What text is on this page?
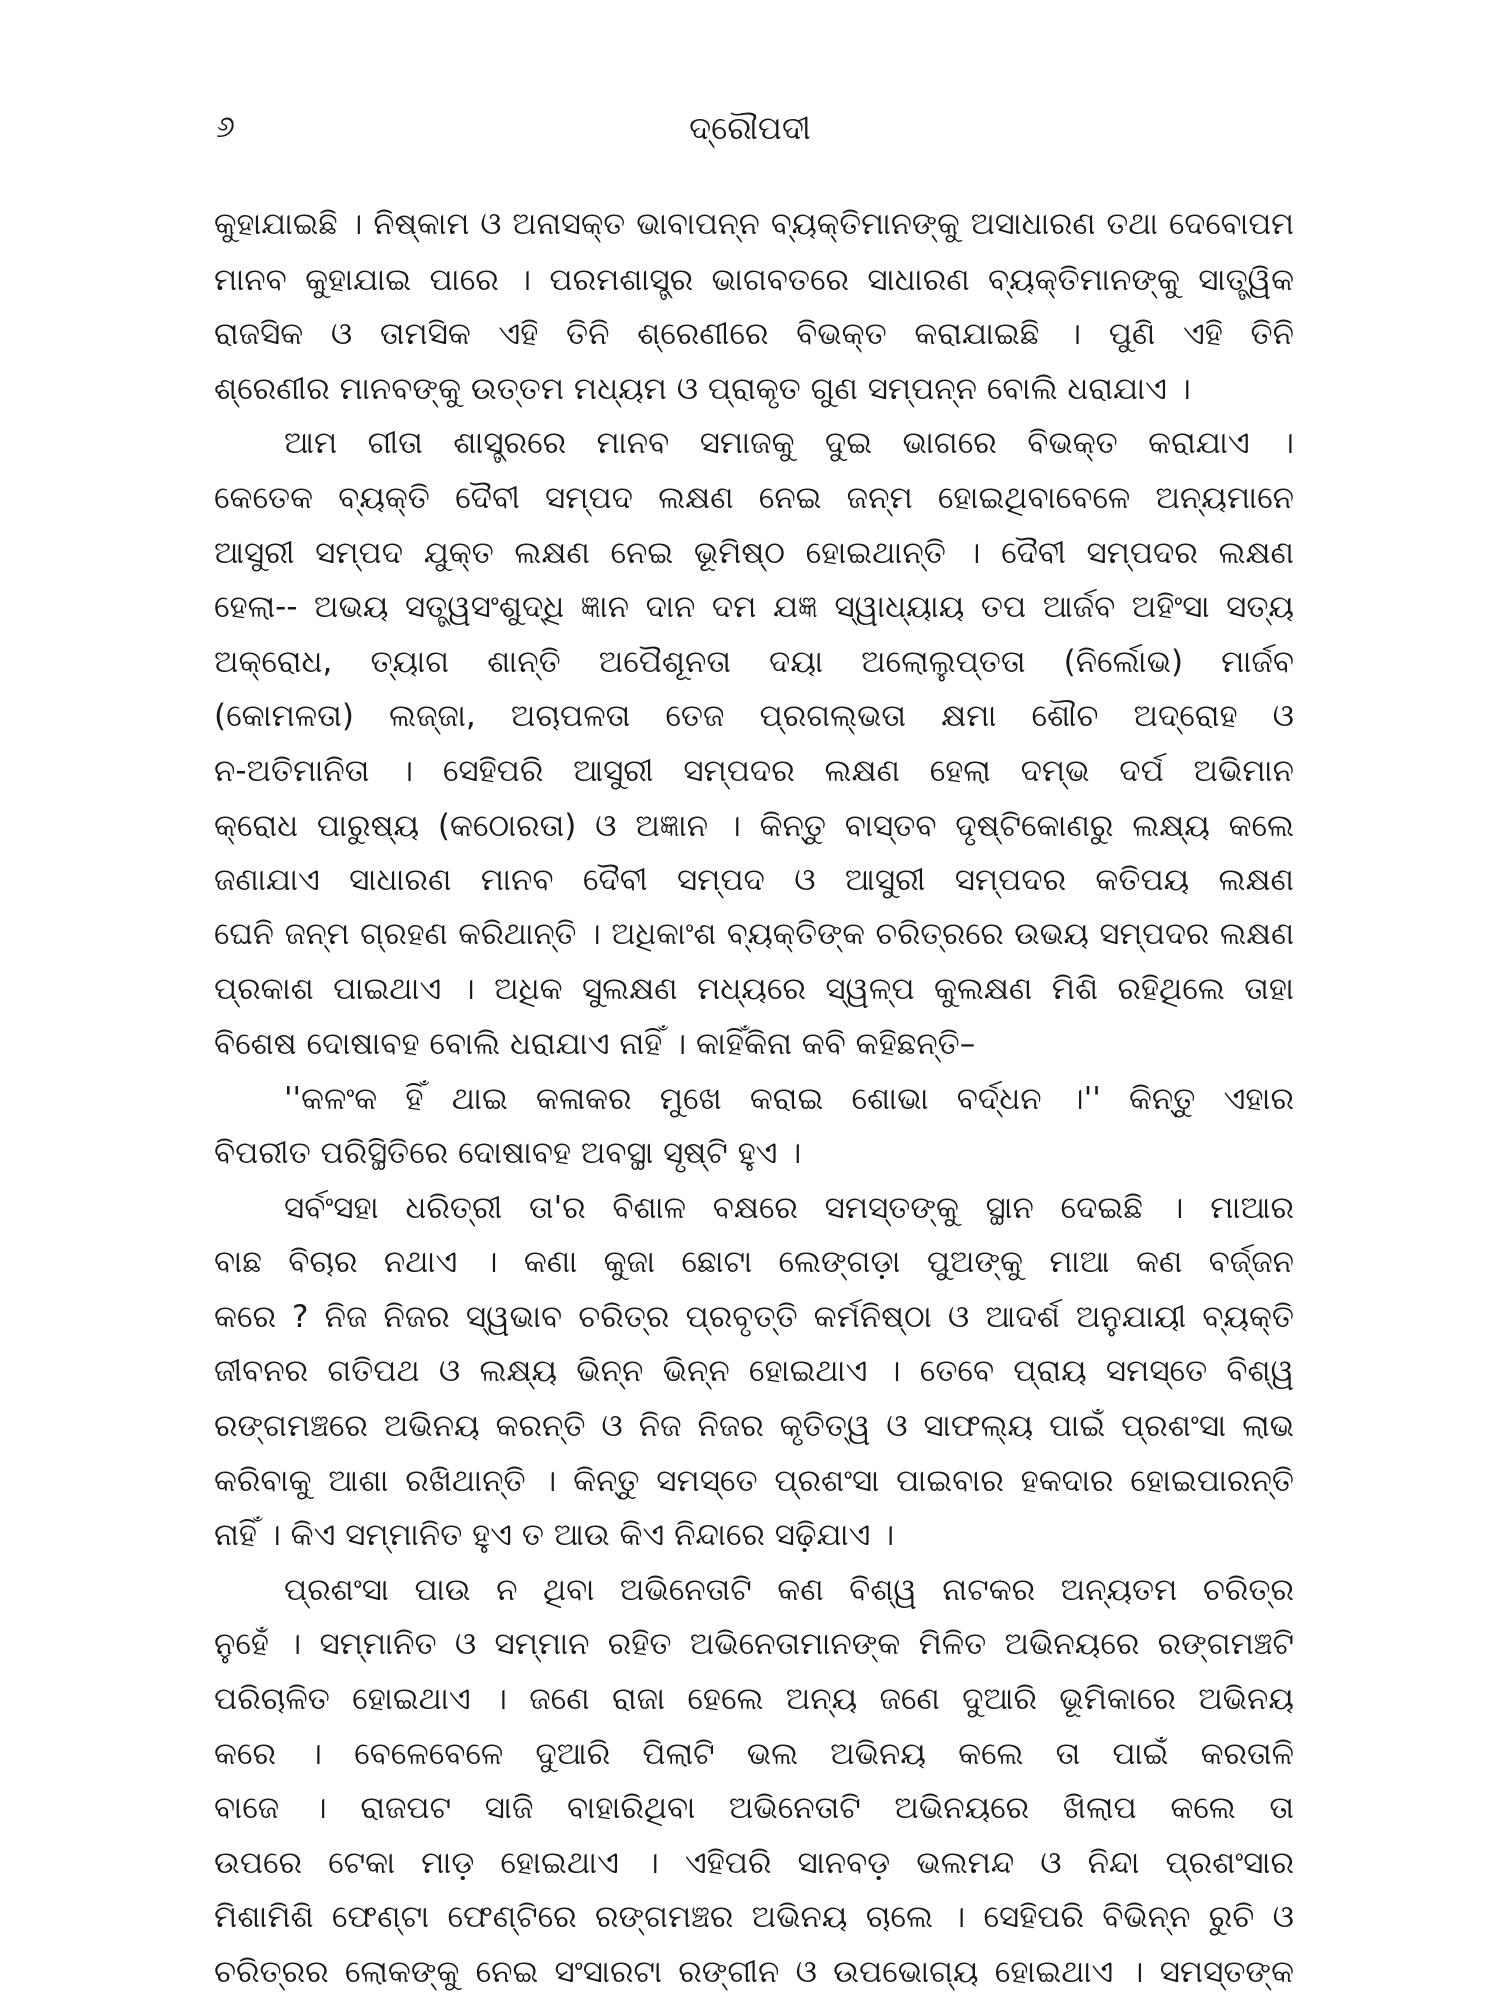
୬	ଦ୍ରୌପଦୀ
କୁହାଯାଇଛି । ନିଷ୍କାମ ଓ ଅନାସକ୍ତ ଭାବାପନ୍ନ ବ୍ୟକ୍ତିମାନଙ୍କୁ ଅସାଧାରଣ ତଥା ଦେବୋପମ
ମାନବ କୁହାଯାଇ ପାରେ । ପରମଶାସ୍ତ୍ର ଭାଗବତରେ ସାଧାରଣ ବ୍ୟକ୍ତିମାନଙ୍କୁ ସାତ୍ତ୍ୱିକ
ରାଜସିକ ଓ ତାମସିକ ଏହି ତିନି ଶ୍ରେଣୀରେ ବିଭକ୍ତ କରାଯାଇଛି । ପୁଣି ଏହି ତିନି
ଶ୍ରେଣୀର ମାନବଙ୍କୁ ଉତ୍ତମ ମଧ୍ୟମ ଓ ପ୍ରାକୃତ ଗୁଣ ସମ୍ପନ୍ନ ବୋଲି ଧରାଯାଏ ।
ଆମ ଗୀତା ଶାସ୍ତ୍ରରେ ମାନବ ସମାଜକୁ ଦୁଇ ଭାଗରେ ବିଭକ୍ତ କରାଯାଏ ।
କେତେକ ବ୍ୟକ୍ତି ଦୈବୀ ସମ୍ପଦ ଲକ୍ଷଣ ନେଇ ଜନ୍ମ ହୋଇଥିବାବେଳେ ଅନ୍ୟମାନେ
ଆସୁରୀ ସମ୍ପଦ ଯୁକ୍ତ ଲକ୍ଷଣ ନେଇ ଭୂମିଷ୍ଠ ହୋଇଥାନ୍ତି । ଦୈବୀ ସମ୍ପଦର ଲକ୍ଷଣ
ହେଲା-- ଅଭୟ ସତ୍ତ୍ୱସଂଶୁଦ୍ଧି ଜ୍ଞାନ ଦାନ ଦମ ଯଜ୍ଞ ସ୍ୱାଧ୍ୟାୟ ତପ ଆର୍ଜବ ଅହିଂସା ସତ୍ୟ
ଅକ୍ରୋଧ, ତ୍ୟାଗ ଶାନ୍ତି ଅପୈଶୂନତା ଦୟା ଅଲୋଲୁପ୍ତତା (ନିର୍ଲୋଭ) ମାର୍ଜବ
(କୋମଳତା) ଲଜ୍ଜା, ଅଚାପଳତା ତେଜ ପ୍ରଗଲ୍‌ଭତା କ୍ଷମା ଶୌଚ ଅଦ୍ରୋହ ଓ
ନ-ଅତିମାନିତା । ସେହିପରି ଆସୁରୀ ସମ୍ପଦର ଲକ୍ଷଣ ହେଲା ଦମ୍ଭ ଦର୍ପ ଅଭିମାନ
କ୍ରୋଧ ପାରୁଷ୍ୟ (କଠୋରତା) ଓ ଅଜ୍ଞାନ । କିନ୍ତୁ ବାସ୍ତବ ଦୃଷ୍ଟିକୋଣରୁ ଲକ୍ଷ୍ୟ କଲେ
ଜଣାଯାଏ ସାଧାରଣ ମାନବ ଦୈବୀ ସମ୍ପଦ ଓ ଆସୁରୀ ସମ୍ପଦର କତିପୟ ଲକ୍ଷଣ
ଘେନି ଜନ୍ମ ଗ୍ରହଣ କରିଥାନ୍ତି । ଅଧିକାଂଶ ବ୍ୟକ୍ତିଙ୍କ ଚରିତ୍ରରେ ଉଭୟ ସମ୍ପଦର ଲକ୍ଷଣ
ପ୍ରକାଶ ପାଇଥାଏ । ଅଧିକ ସୁଲକ୍ଷଣ ମଧ୍ୟରେ ସ୍ୱଳ୍ପ କୁଲକ୍ଷଣ ମିଶି ରହିଥିଲେ ତାହା
ବିଶେଷ ଦୋଷାବହ ବୋଲି ଧରାଯାଏ ନାହିଁ । କାହିଁକିନା କବି କହିଛନ୍ତି–
''କଳଂକ ହିଁ ଥାଇ କଳାକର ମୁଖେ କରାଇ ଶୋଭା ବର୍ଦ୍ଧନ ।'' କିନ୍ତୁ ଏହାର
ବିପରୀତ ପରିସ୍ଥିତିରେ ଦୋଷାବହ ଅବସ୍ଥା ସୃଷ୍ଟି ହୁଏ ।
ସର୍ବଂସହା ଧରିତ୍ରୀ ତା'ର ବିଶାଳ ବକ୍ଷରେ ସମସ୍ତଙ୍କୁ ସ୍ଥାନ ଦେଇଛି । ମାଆର
ବାଛ ବିଚାର ନଥାଏ । କଣା କୁଜା ଛୋଟା ଲେଙ୍ଗଡ଼ା ପୁଅଙ୍କୁ ମାଆ କଣ ବର୍ଜ୍ଜନ
କରେ ? ନିଜ ନିଜର ସ୍ୱଭାବ ଚରିତ୍ର ପ୍ରବୃତ୍ତି କର୍ମନିଷ୍ଠା ଓ ଆଦର୍ଶ ଅନୁଯାୟୀ ବ୍ୟକ୍ତି
ଜୀବନର ଗତିପଥ ଓ ଲକ୍ଷ୍ୟ ଭିନ୍ନ ଭିନ୍ନ ହୋଇଥାଏ । ତେବେ ପ୍ରାୟ ସମସ୍ତେ ବିଶ୍ୱ
ରଙ୍ଗମଞ୍ଚରେ ଅଭିନୟ କରନ୍ତି ଓ ନିଜ ନିଜର କୃତିତ୍ୱ ଓ ସାଫଲ୍ୟ ପାଇଁ ପ୍ରଶଂସା ଲାଭ
କରିବାକୁ ଆଶା ରଖିଥାନ୍ତି । କିନ୍ତୁ ସମସ୍ତେ ପ୍ରଶଂସା ପାଇବାର ହକଦାର ହୋଇପାରନ୍ତି
ନାହିଁ । କିଏ ସମ୍ମାନିତ ହୁଏ ତ ଆଉ କିଏ ନିନ୍ଦାରେ ସଢ଼ିଯାଏ ।
ପ୍ରଶଂସା ପାଉ ନ ଥିବା ଅଭିନେତାଟି କଣ ବିଶ୍ୱ ନାଟକର ଅନ୍ୟତମ ଚରିତ୍ର
ନୁହେଁ । ସମ୍ମାନିତ ଓ ସମ୍ମାନ ରହିତ ଅଭିନେତାମାନଙ୍କ ମିଳିତ ଅଭିନୟରେ ରଙ୍ଗମଞ୍ଚଟି
ପରିଚାଳିତ ହୋଇଥାଏ । ଜଣେ ରାଜା ହେଲେ ଅନ୍ୟ ଜଣେ ଦୁଆରି ଭୂମିକାରେ ଅଭିନୟ
କରେ । ବେଳେବେଳେ ଦୁଆରି ପିଲାଟି ଭଲ ଅଭିନୟ କଲେ ତା ପାଇଁ କରତାଳି
ବାଜେ । ରାଜପଟ ସାଜି ବାହାରିଥିବା ଅଭିନେତାଟି ଅଭିନୟରେ ଖିଲାପ କଲେ ତା
ଉପରେ ଟେକା ମାଡ଼ ହୋଇଥାଏ । ଏହିପରି ସାନବଡ଼ ଭଲମନ୍ଦ ଓ ନିନ୍ଦା ପ୍ରଶଂସାର
ମିଶାମିଶି ଫେଣ୍ଟା ଫେଣ୍ଟିରେ ରଙ୍ଗମଞ୍ଚର ଅଭିନୟ ଚାଲେ । ସେହିପରି ବିଭିନ୍ନ ରୁଚି ଓ
ଚରିତ୍ରର ଲୋକଙ୍କୁ ନେଇ ସଂସାରଟା ରଙ୍ଗୀନ ଓ ଉପଭୋଗ୍ୟ ହୋଇଥାଏ । ସମସ୍ତଙ୍କ
